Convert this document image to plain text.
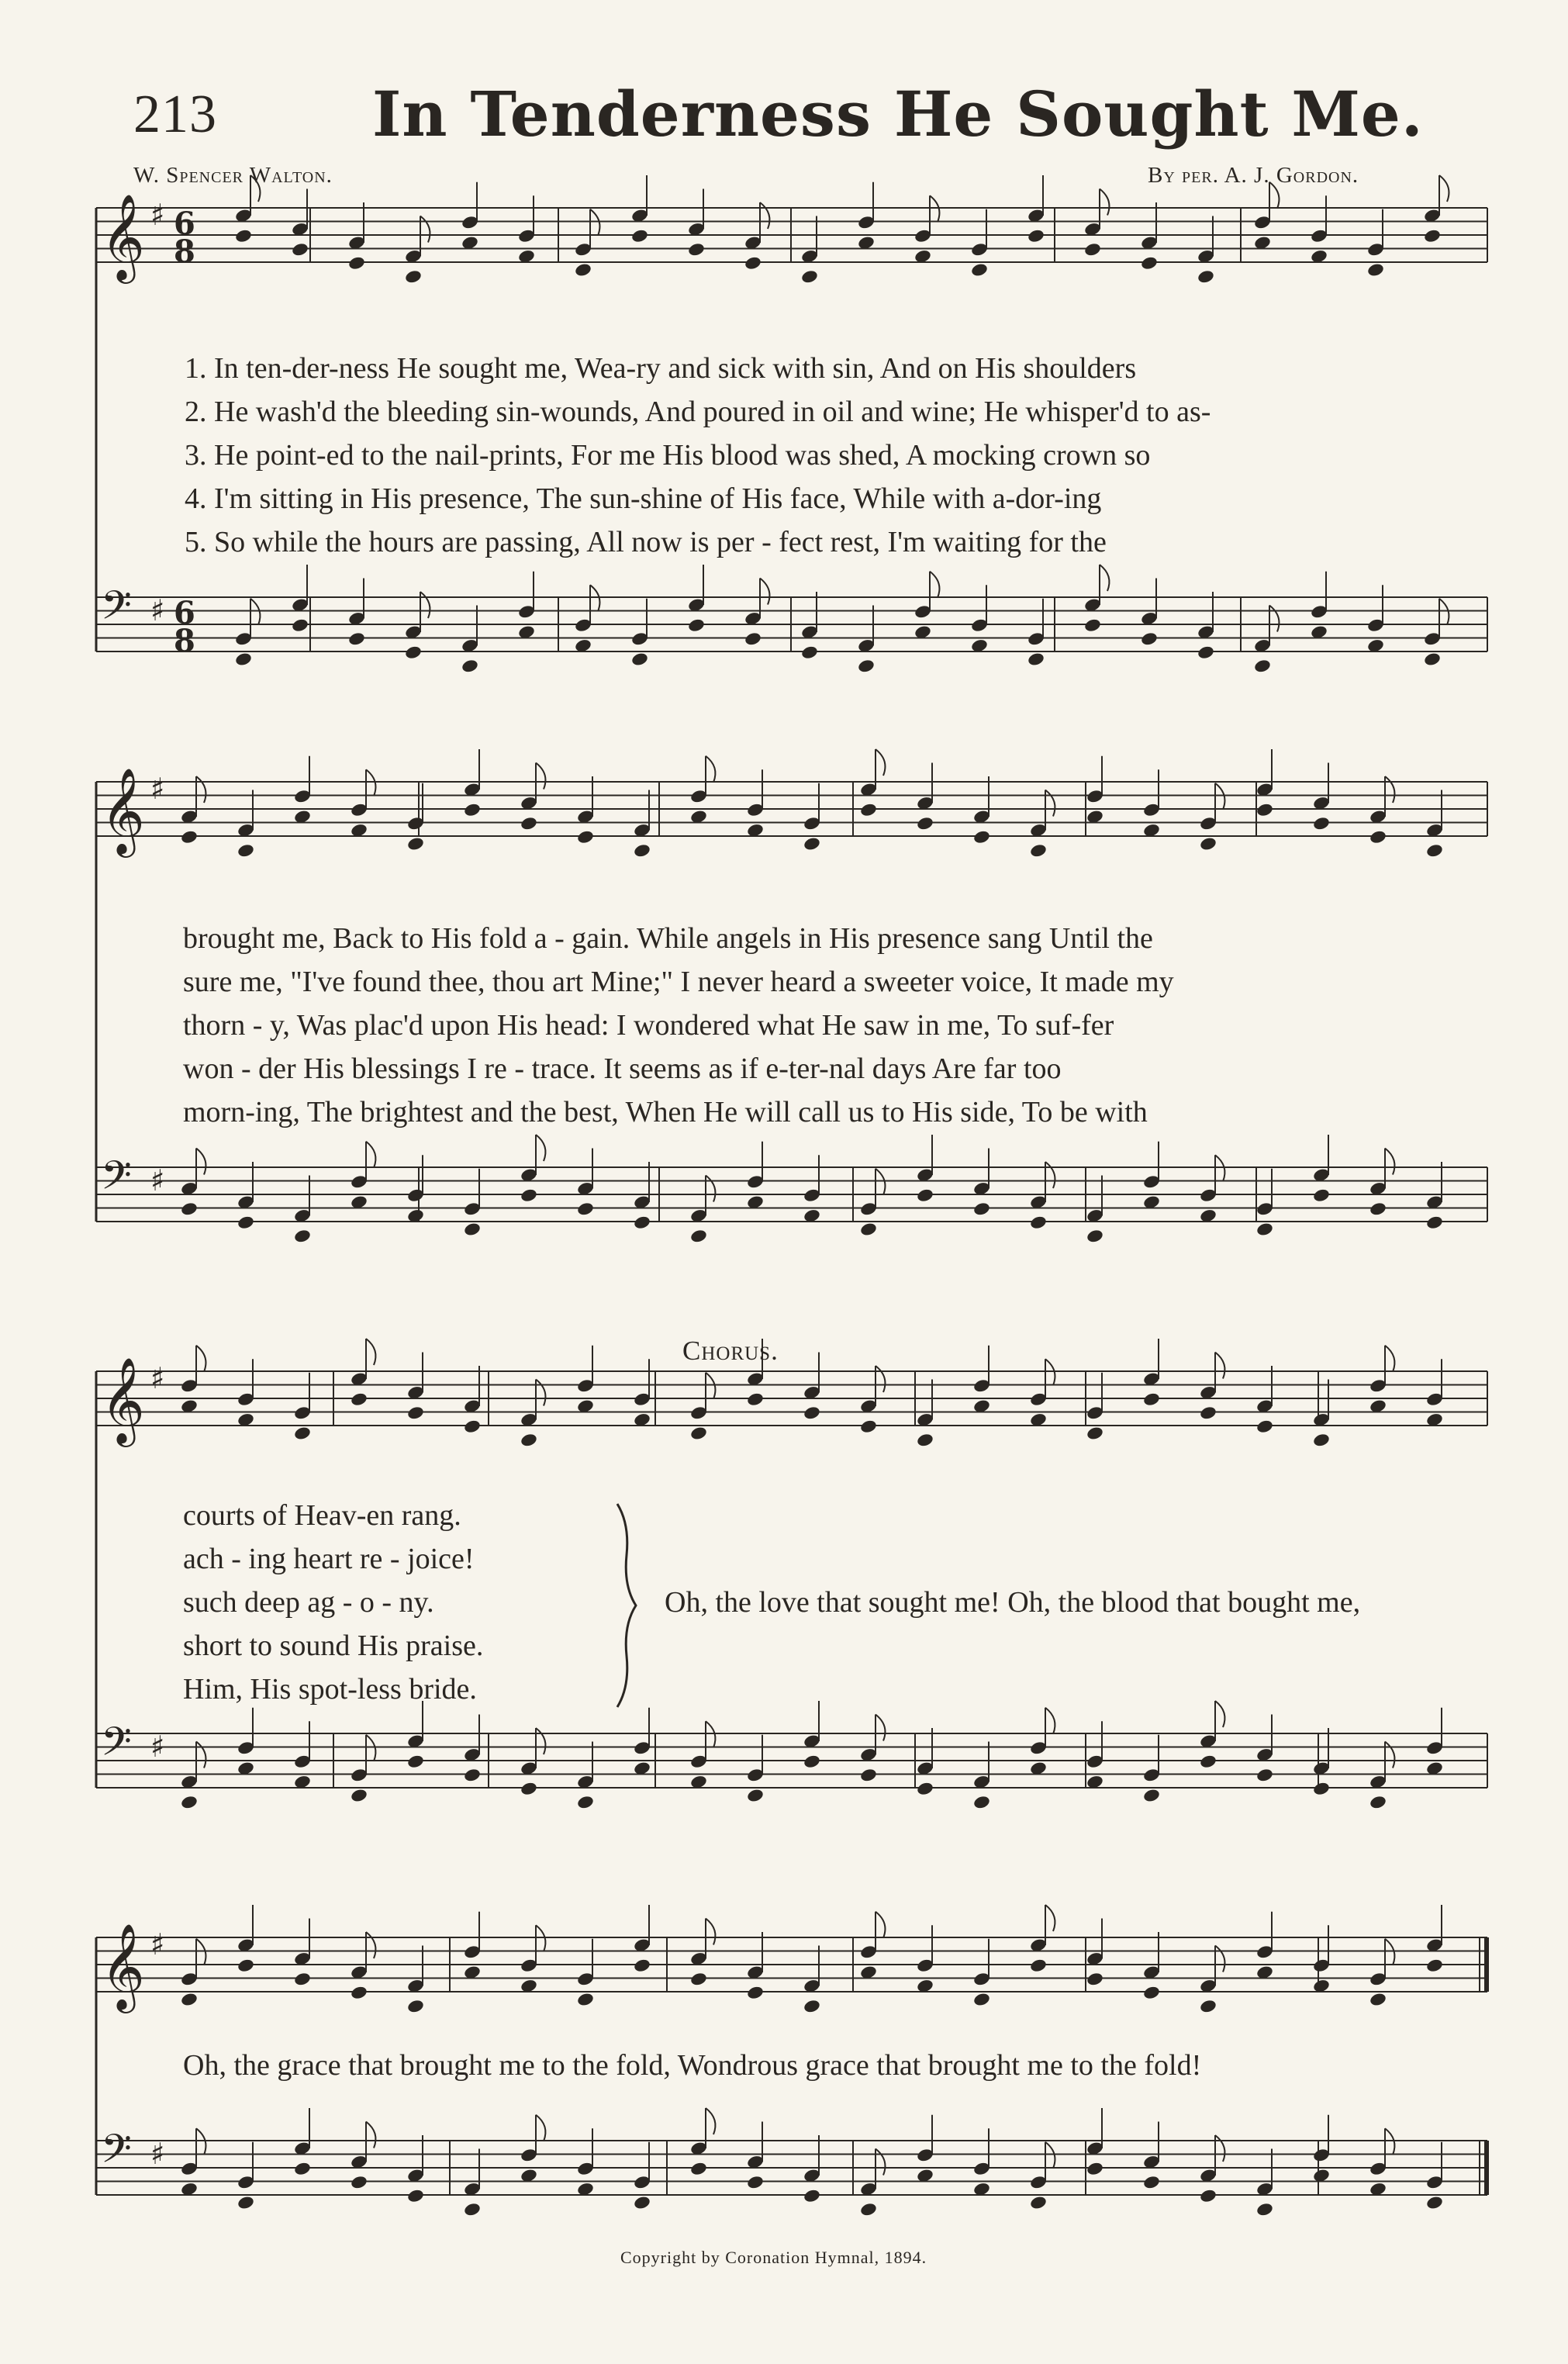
213	In Tenderness He Sought Me.
W. Spencer Walton.	By per. A. J. Gordon.
𝄞 ♯ 6
8
𝄢 ♯ 6
8
𝄞 ♯
𝄢 ♯
𝄞 ♯
𝄢 ♯
𝄞 ♯
𝄢 ♯
1. In ten-der-ness He sought me, Wea-ry and sick with sin, And on His shoulders
2. He wash'd the bleeding sin-wounds, And poured in oil and wine; He whisper'd to as-
3. He point-ed to the nail-prints, For me His blood was shed, A mocking crown so
4. I'm sitting in His presence, The sun-shine of His face, While with a-dor-ing
5. So while the hours are passing, All now is per - fect rest, I'm waiting for the
brought me, Back to His fold a - gain. While angels in His presence sang Until the
sure me, "I've found thee, thou art Mine;" I never heard a sweeter voice, It made my
thorn - y, Was plac'd upon His head: I wondered what He saw in me, To suf-fer
won - der His blessings I re - trace. It seems as if e-ter-nal days Are far too
morn-ing, The brightest and the best, When He will call us to His side, To be with
Chorus.
courts of Heav-en rang.
ach - ing heart re - joice!
such deep ag - o - ny.
short to sound His praise.
Him, His spot-less bride.
Oh, the love that sought me! Oh, the blood that bought me,
Oh, the grace that brought me to the fold, Wondrous grace that brought me to the fold!
Copyright by Coronation Hymnal, 1894.
